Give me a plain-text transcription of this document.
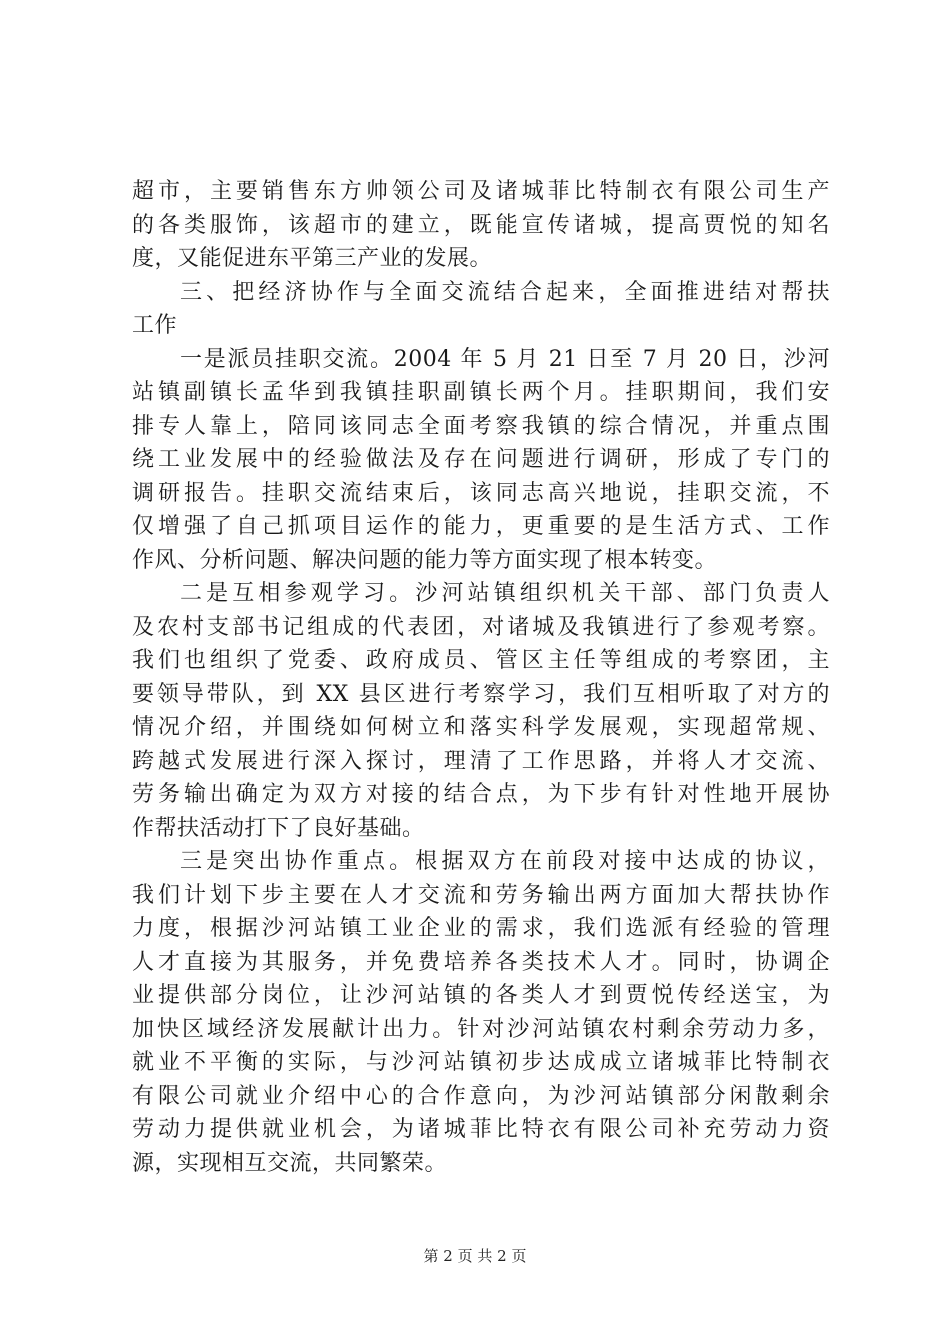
超市，主要销售东方帅领公司及诸城菲比特制衣有限公司生产
的各类服饰，该超市的建立，既能宣传诸城，提高贾悦的知名
度，又能促进东平第三产业的发展。
三、把经济协作与全面交流结合起来，全面推进结对帮扶
工作
一是派员挂职交流。2004 年 5 月 21 日至 7 月 20 日，沙河
站镇副镇长孟华到我镇挂职副镇长两个月。挂职期间，我们安
排专人靠上，陪同该同志全面考察我镇的综合情况，并重点围
绕工业发展中的经验做法及存在问题进行调研，形成了专门的
调研报告。挂职交流结束后，该同志高兴地说，挂职交流，不
仅增强了自己抓项目运作的能力，更重要的是生活方式、工作
作风、分析问题、解决问题的能力等方面实现了根本转变。
二是互相参观学习。沙河站镇组织机关干部、部门负责人
及农村支部书记组成的代表团，对诸城及我镇进行了参观考察。
我们也组织了党委、政府成员、管区主任等组成的考察团，主
要领导带队，到 XX 县区进行考察学习，我们互相听取了对方的
情况介绍，并围绕如何树立和落实科学发展观，实现超常规、
跨越式发展进行深入探讨，理清了工作思路，并将人才交流、
劳务输出确定为双方对接的结合点，为下步有针对性地开展协
作帮扶活动打下了良好基础。
三是突出协作重点。根据双方在前段对接中达成的协议，
我们计划下步主要在人才交流和劳务输出两方面加大帮扶协作
力度，根据沙河站镇工业企业的需求，我们选派有经验的管理
人才直接为其服务，并免费培养各类技术人才。同时，协调企
业提供部分岗位，让沙河站镇的各类人才到贾悦传经送宝，为
加快区域经济发展献计出力。针对沙河站镇农村剩余劳动力多，
就业不平衡的实际，与沙河站镇初步达成成立诸城菲比特制衣
有限公司就业介绍中心的合作意向，为沙河站镇部分闲散剩余
劳动力提供就业机会，为诸城菲比特衣有限公司补充劳动力资
源，实现相互交流，共同繁荣。
第 2 页 共 2 页
